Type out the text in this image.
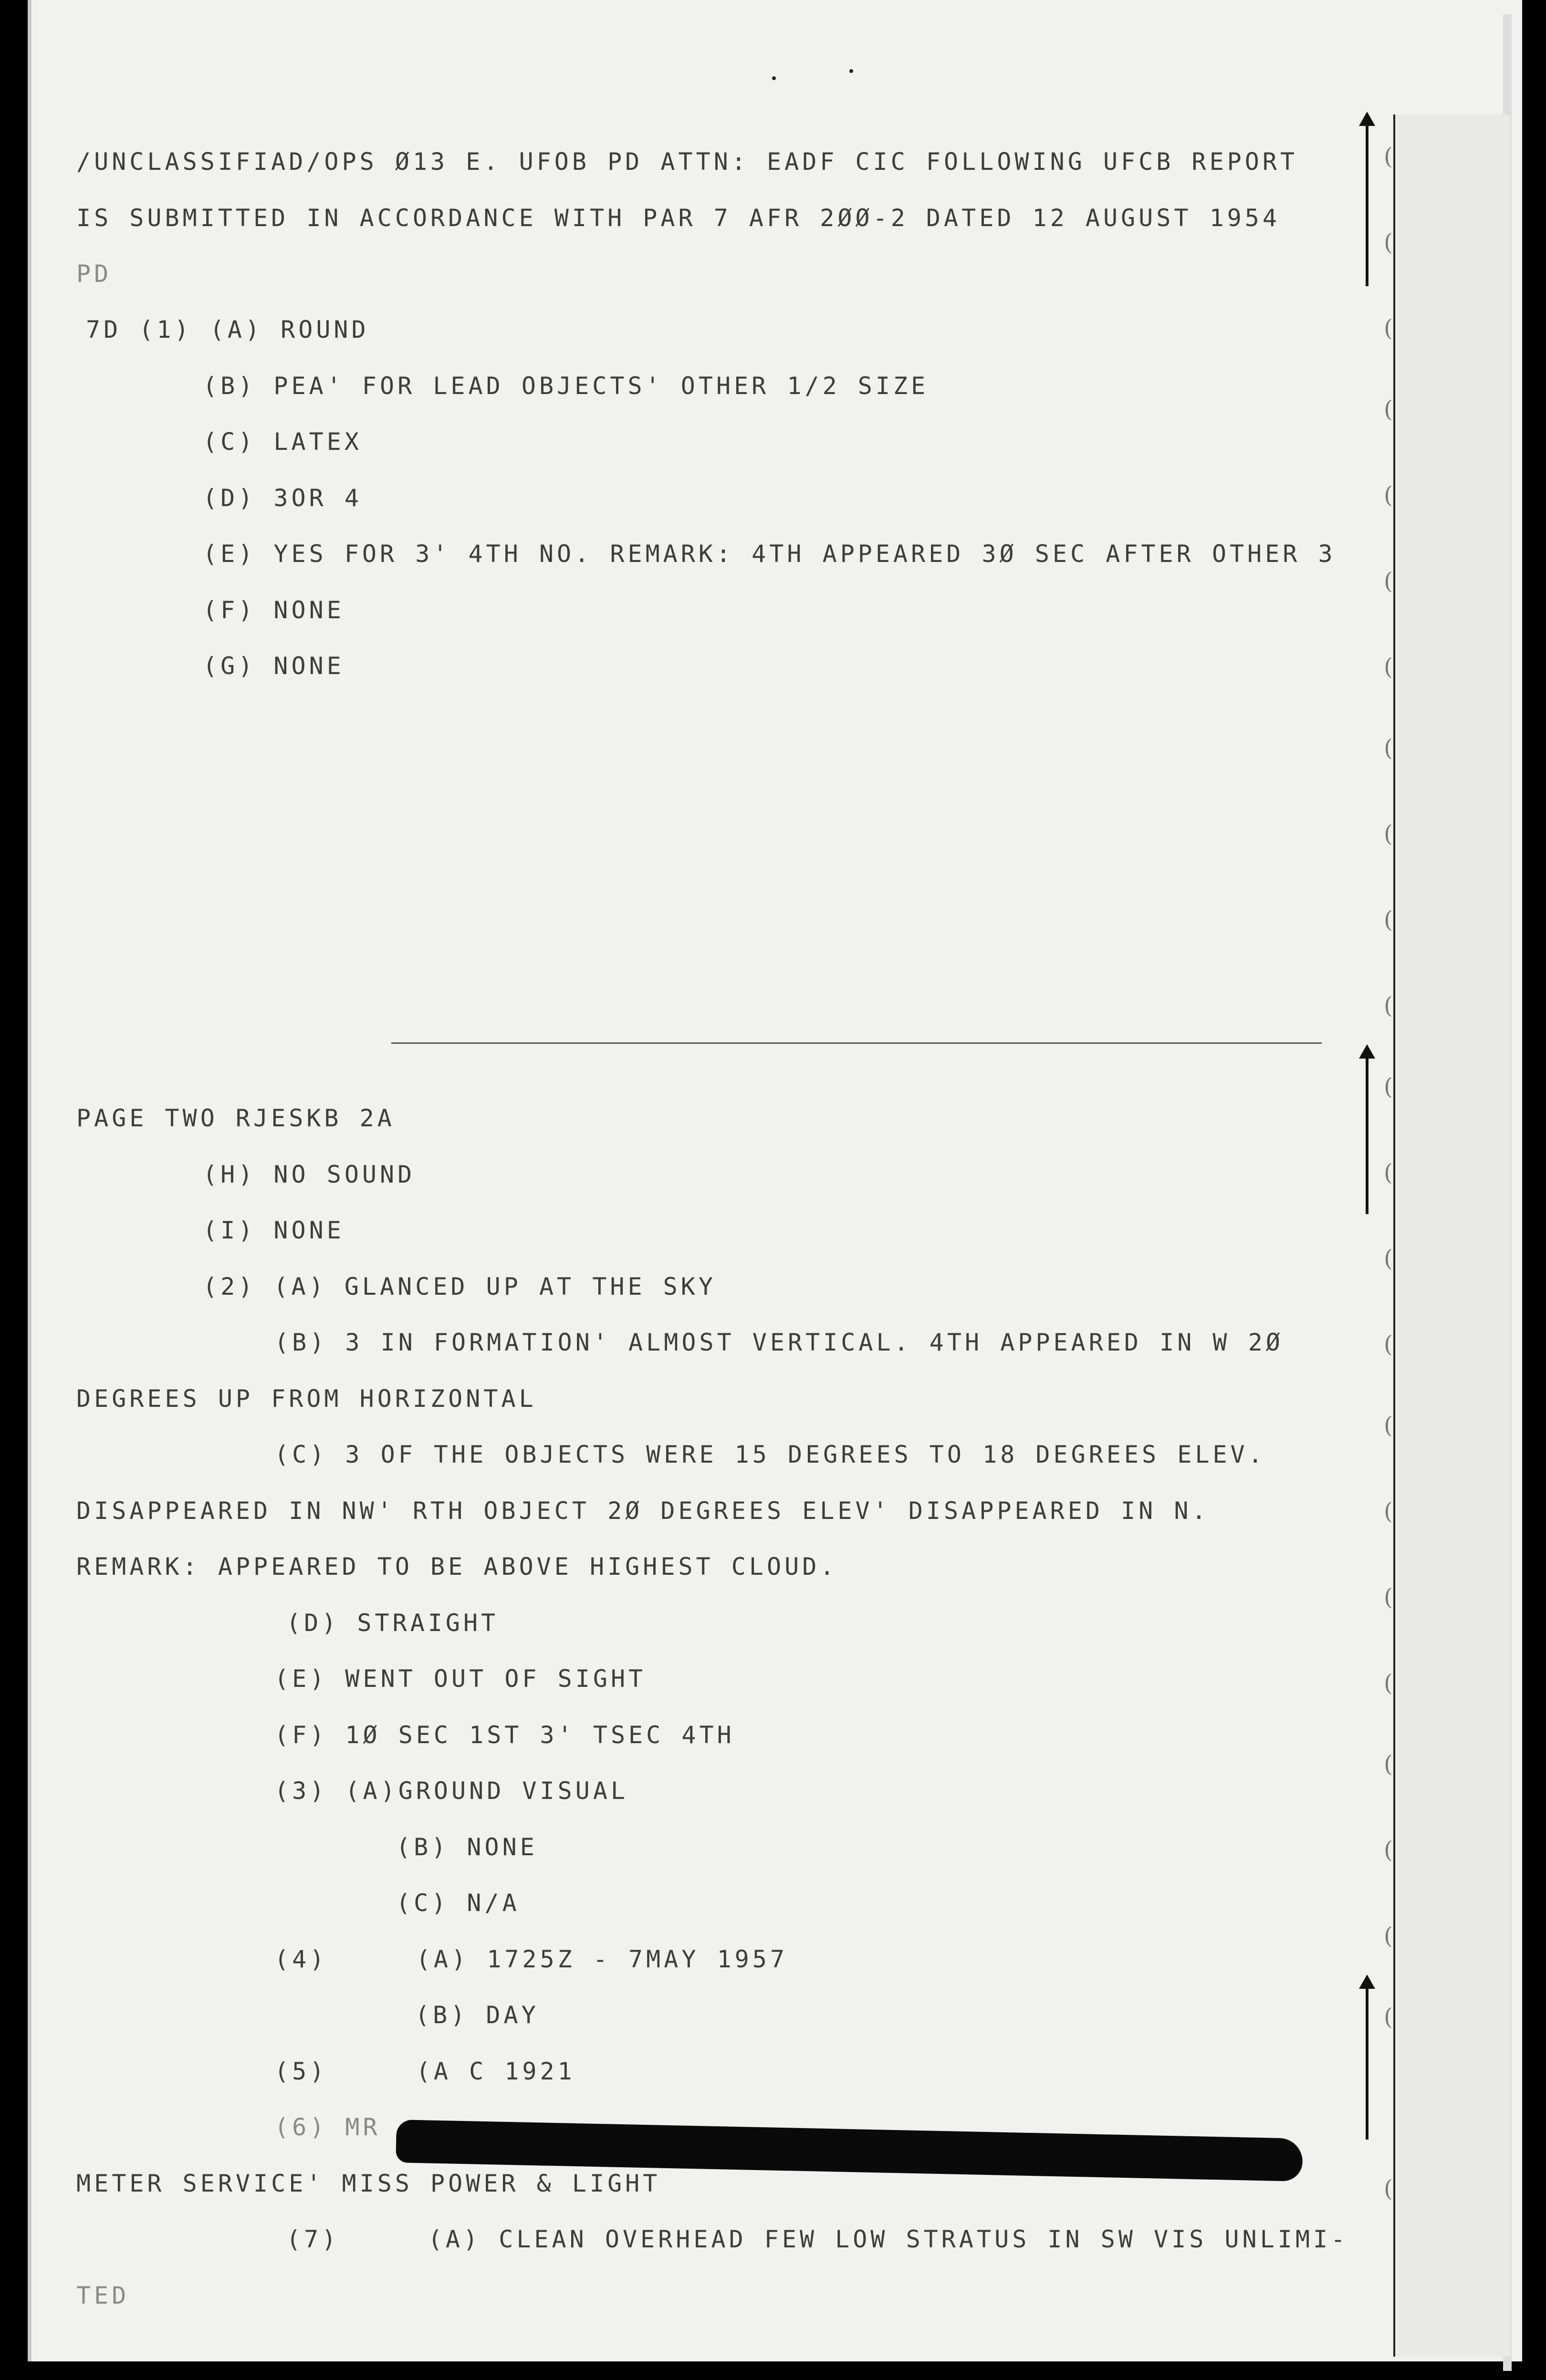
(
(
(
(
(
(
(
(
(
(
(
(
(
(
(
(
(
(
(
(
(
(
(
(
/UNCLASSIFIAD/OPS Ø13 E. UFOB PD ATTN: EADF CIC FOLLOWING UFCB REPORT
IS SUBMITTED IN ACCORDANCE WITH PAR 7 AFR 2ØØ-2 DATED 12 AUGUST 1954
PD
7D (1) (A) ROUND
(B) PEA' FOR LEAD OBJECTS' OTHER 1/2 SIZE
(C) LATEX
(D) 3OR 4
(E) YES FOR 3' 4TH NO. REMARK: 4TH APPEARED 3Ø SEC AFTER OTHER 3
(F) NONE
(G) NONE
PAGE TWO RJESKB 2A
(H) NO SOUND
(I) NONE
(2) (A) GLANCED UP AT THE SKY
(B) 3 IN FORMATION' ALMOST VERTICAL. 4TH APPEARED IN W 2Ø
DEGREES UP FROM HORIZONTAL
(C) 3 OF THE OBJECTS WERE 15 DEGREES TO 18 DEGREES ELEV.
DISAPPEARED IN NW' RTH OBJECT 2Ø DEGREES ELEV' DISAPPEARED IN N.
REMARK: APPEARED TO BE ABOVE HIGHEST CLOUD.
(D) STRAIGHT
(E) WENT OUT OF SIGHT
(F) 1Ø SEC 1ST 3' TSEC 4TH
(3) (A)GROUND VISUAL
(B) NONE
(C) N/A
(4)     (A) 1725Z - 7MAY 1957
(B) DAY
(5)     (A C 1921
(6) MR
METER SERVICE' MISS POWER & LIGHT
(7)     (A) CLEAN OVERHEAD FEW LOW STRATUS IN SW VIS UNLIMI-
TED
